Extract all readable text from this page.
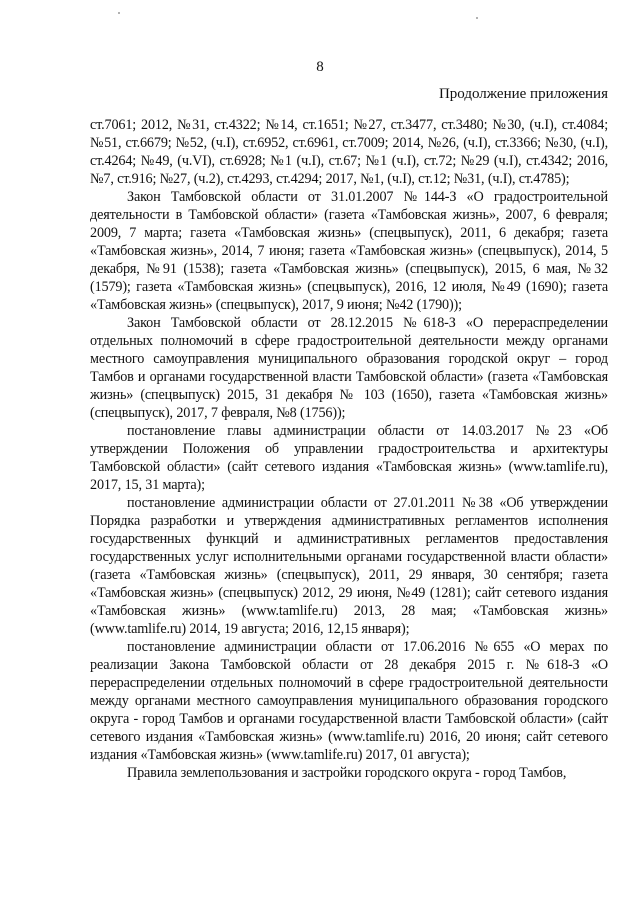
8
Продолжение приложения

ст.7061; 2012, №31, ст.4322; №14, ст.1651; №27, ст.3477, ст.3480; №30, (ч.I), ст.4084; №51, ст.6679; №52, (ч.I), ст.6952, ст.6961, ст.7009; 2014, №26, (ч.I), ст.3366; №30, (ч.I), ст.4264; №49, (ч.VI), ст.6928; №1 (ч.I), ст.67; №1 (ч.I), ст.72; №29 (ч.I), ст.4342; 2016, №7, ст.916; №27, (ч.2), ст.4293, ст.4294; 2017, №1, (ч.I), ст.12; №31, (ч.I), ст.4785);

Закон Тамбовской области от 31.01.2007 №144-З «О градостроительной деятельности в Тамбовской области» (газета «Тамбовская жизнь», 2007, 6 февраля; 2009, 7 марта; газета «Тамбовская жизнь» (спецвыпуск), 2011, 6 декабря; газета «Тамбовская жизнь», 2014, 7 июня; газета «Тамбовская жизнь» (спецвыпуск), 2014, 5 декабря, №91 (1538); газета «Тамбовская жизнь» (спецвыпуск), 2015, 6 мая, №32 (1579); газета «Тамбовская жизнь» (спецвыпуск), 2016, 12 июля, №49 (1690); газета «Тамбовская жизнь» (спецвыпуск), 2017, 9 июня; №42 (1790));

Закон Тамбовской области от 28.12.2015 №618-З «О перераспределении отдельных полномочий в сфере градостроительной деятельности между органами местного самоуправления муниципального образования городской округ – город Тамбов и органами государственной власти Тамбовской области» (газета «Тамбовская жизнь» (спецвыпуск) 2015, 31 декабря № 103 (1650), газета «Тамбовская жизнь» (спецвыпуск), 2017, 7 февраля, №8 (1756));

постановление главы администрации области от 14.03.2017 №23 «Об утверждении Положения об управлении градостроительства и архитектуры Тамбовской области» (сайт сетевого издания «Тамбовская жизнь» (www.tamlife.ru), 2017, 15, 31 марта);

постановление администрации области от 27.01.2011 №38 «Об утверждении Порядка разработки и утверждения административных регламентов исполнения государственных функций и административных регламентов предоставления государственных услуг исполнительными органами государственной власти области» (газета «Тамбовская жизнь» (спецвыпуск), 2011, 29 января, 30 сентября; газета «Тамбовская жизнь» (спецвыпуск) 2012, 29 июня, №49 (1281); сайт сетевого издания «Тамбовская жизнь» (www.tamlife.ru) 2013, 28 мая; «Тамбовская жизнь» (www.tamlife.ru) 2014, 19 августа; 2016, 12,15 января);

постановление администрации области от 17.06.2016 №655 «О мерах по реализации Закона Тамбовской области от 28 декабря 2015 г. №618-З «О перераспределении отдельных полномочий в сфере градостроительной деятельности между органами местного самоуправления муниципального образования городского округа - город Тамбов и органами государственной власти Тамбовской области» (сайт сетевого издания «Тамбовская жизнь» (www.tamlife.ru) 2016, 20 июня; сайт сетевого издания «Тамбовская жизнь» (www.tamlife.ru) 2017, 01 августа);

Правила землепользования и застройки городского округа - город Тамбов,
